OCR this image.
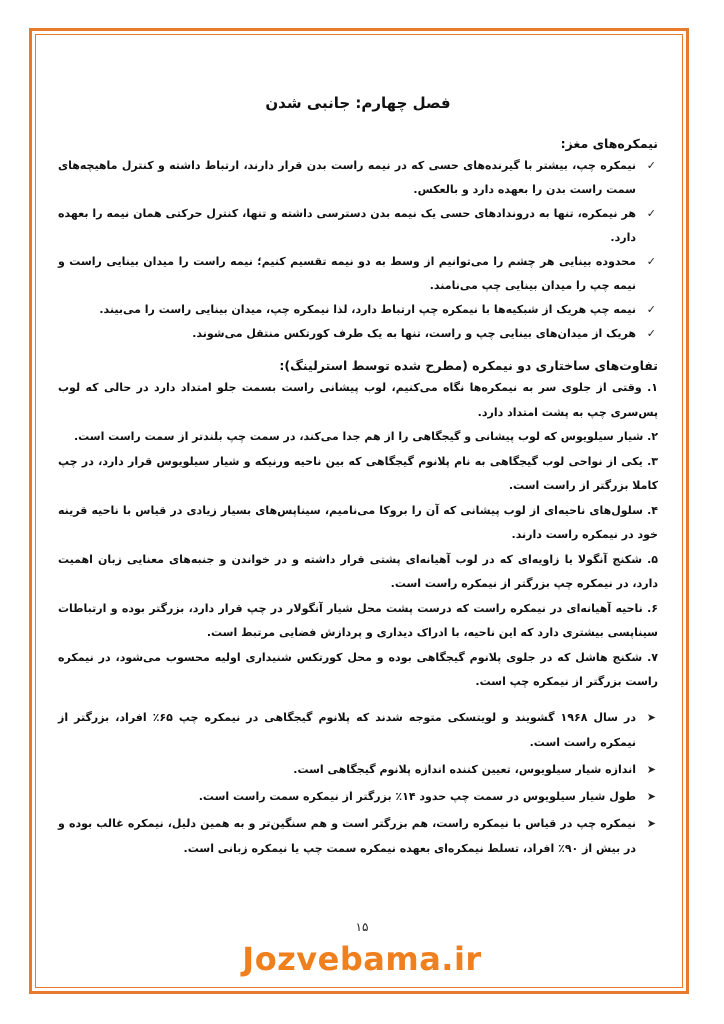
فصل چهارم: جانبی شدن
نیمکره‌های مغز:
✓
نیمکره چپ، بیشتر با گیرنده‌های حسی که در نیمه راست بدن قرار دارند، ارتباط داشته و کنترل ماهیچه‌های سمت راست بدن را بعهده دارد و بالعکس.
✓
هر نیمکره، تنها به درونداد‌های حسی یک نیمه بدن دسترسی داشته و تنها، کنترل حرکتی همان نیمه را بعهده دارد.
✓
محدوده بینایی هر چشم را می‌توانیم از وسط به دو نیمه تقسیم کنیم؛ نیمه راست را میدان بینایی راست و نیمه چپ را میدان بینایی چپ می‌نامند.
✓
نیمه چپ هریک از شبکیه‌ها با نیمکره چپ ارتباط دارد، لذا نیمکره چپ، میدان بینایی راست را می‌بیند.
✓
هریک از میدان‌های بینایی چپ و راست، تنها به یک طرف کورتکس منتقل می‌شوند.
تفاوت‌های ساختاری دو نیمکره (مطرح شده توسط استرلینگ):

۱. وقتی از جلوی سر به نیمکره‌ها نگاه می‌کنیم، لوب پیشانی راست بسمت جلو امتداد دارد در حالی که لوب پس‌سری چپ به پشت امتداد دارد.

۲. شیار سیلویوس که لوب پیشانی و گیجگاهی را از هم جدا می‌کند، در سمت چپ بلندتر از سمت راست است.

۳. یکی از نواحی لوب گیجگاهی به نام پلانوم گیجگاهی که بین ناحیه ورنیکه و شیار سیلویوس قرار دارد، در چپ کاملا بزرگتر از راست است.

۴. سلول‌های ناحیه‌ای از لوب پیشانی که آن را بروکا می‌نامیم، سیناپس‌های بسیار زیادی در قیاس با ناحیه قرینه خود در نیمکره راست دارند.

۵. شکنج آنگولا یا زاویه‌ای که در لوب آهیانه‌ای پشتی قرار داشته و در خواندن و جنبه‌های معنایی زبان اهمیت دارد، در نیمکره چپ بزرگتر از نیمکره راست است.

۶. ناحیه آهیانه‌ای در نیمکره راست که درست پشت محل شیار آنگولار در چپ قرار دارد، بزرگتر بوده و ارتباطات سیناپسی بیشتری دارد که این ناحیه، با ادراک دیداری و پردازش فضایی مرتبط است.

۷. شکنج هاشل که در جلوی پلانوم گیجگاهی بوده و محل کورتکس شنیداری اولیه محسوب می‌شود، در نیمکره راست بزرگتر از نیمکره چپ است.

➤
در سال ۱۹۶۸ گشویند و لویتسکی متوجه شدند که پلانوم گیجگاهی در نیمکره چپ ۶۵٪ افراد، بزرگتر از نیمکره راست است.
➤
اندازه شیار سیلویوس، تعیین کننده اندازه پلانوم گیجگاهی است.
➤
طول شیار سیلویوس در سمت چپ حدود ۱۴٪ بزرگتر از نیمکره سمت راست است.
➤
نیمکره چپ در قیاس با نیمکره راست، هم بزرگتر است و هم سنگین‌تر و به همین دلیل، نیمکره غالب بوده و در بیش از ۹۰٪ افراد، تسلط نیمکره‌ای بعهده نیمکره سمت چپ یا نیمکره زبانی است.
۱۵
Jozvebama.ir
